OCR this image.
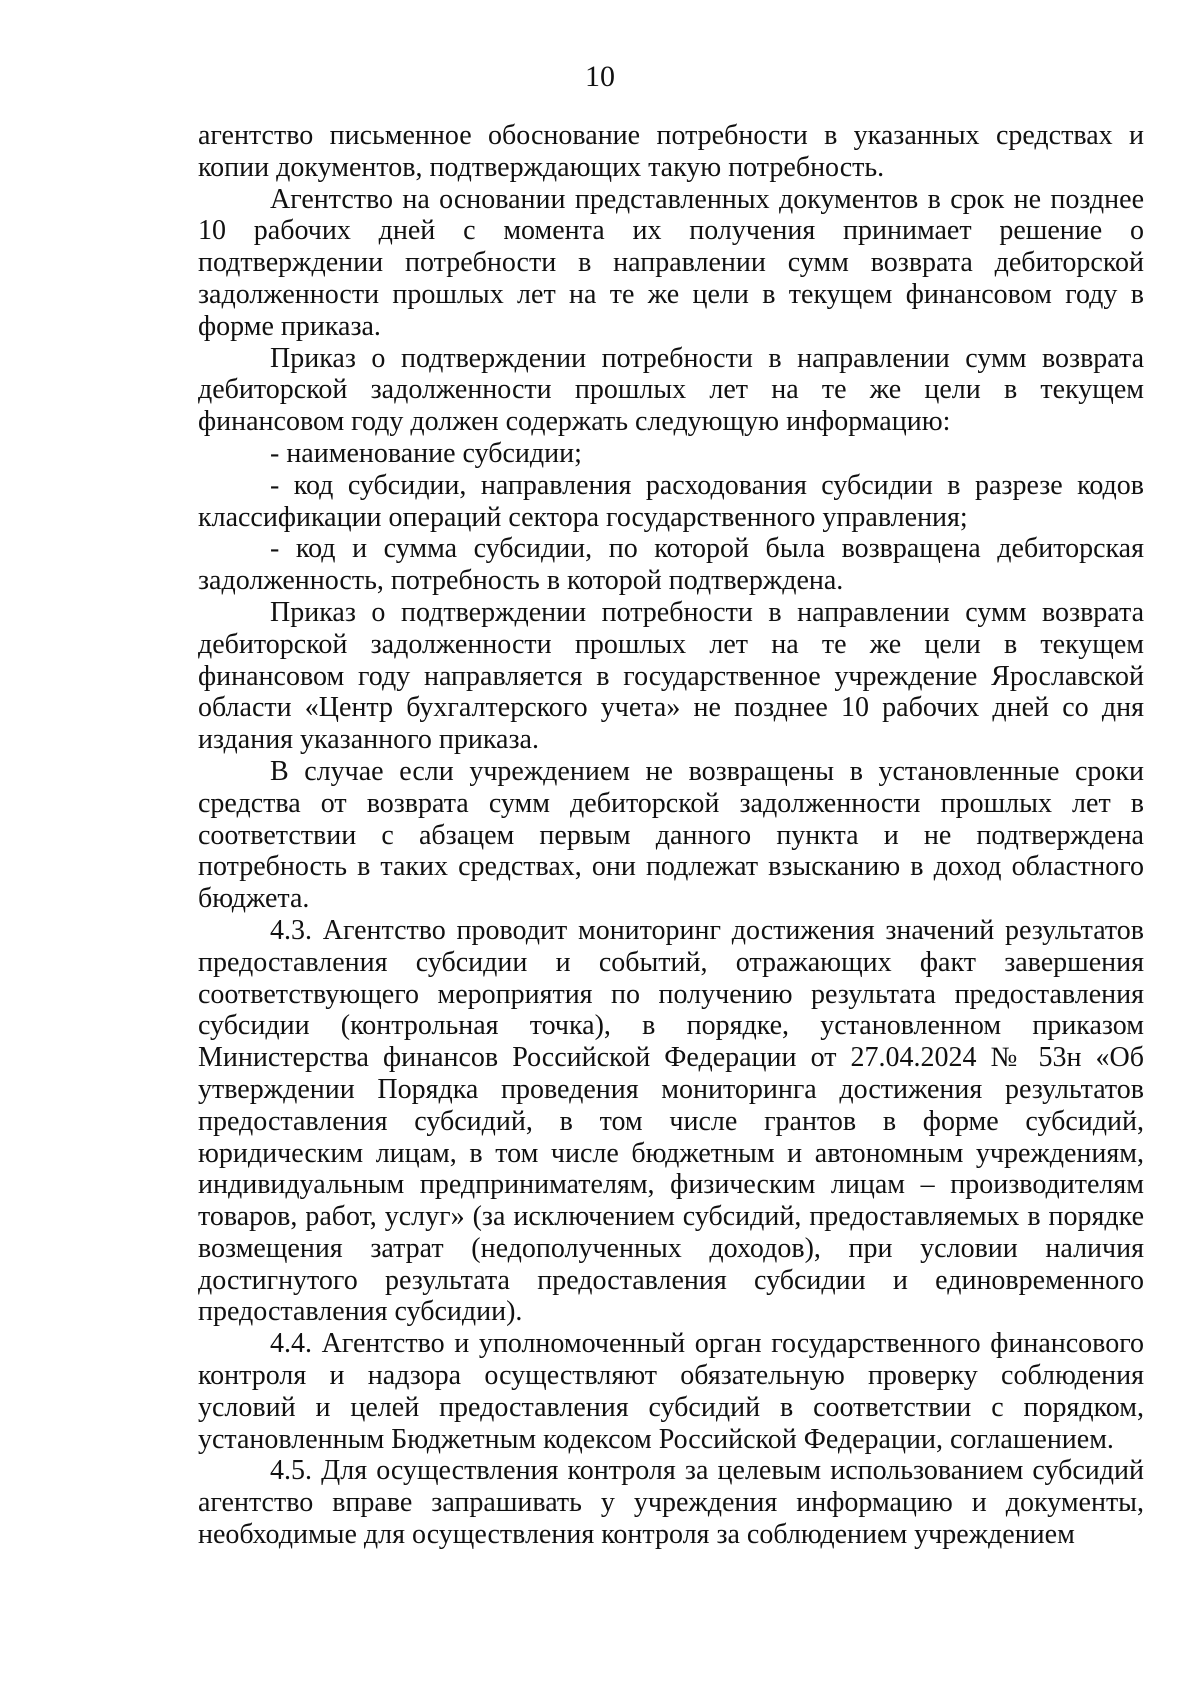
10

агентство письменное обоснование потребности в указанных средствах и копии документов, подтверждающих такую потребность.

Агентство на основании представленных документов в срок не позднее 10 рабочих дней с момента их получения принимает решение о подтверждении потребности в направлении сумм возврата дебиторской задолженности прошлых лет на те же цели в текущем финансовом году в форме приказа.

Приказ о подтверждении потребности в направлении сумм возврата дебиторской задолженности прошлых лет на те же цели в текущем финансовом году должен содержать следующую информацию:

- наименование субсидии;

- код субсидии, направления расходования субсидии в разрезе кодов классификации операций сектора государственного управления;

- код и сумма субсидии, по которой была возвращена дебиторская задолженность, потребность в которой подтверждена.

Приказ о подтверждении потребности в направлении сумм возврата дебиторской задолженности прошлых лет на те же цели в текущем финансовом году направляется в государственное учреждение Ярославской области «Центр бухгалтерского учета» не позднее 10 рабочих дней со дня издания указанного приказа.

В случае если учреждением не возвращены в установленные сроки средства от возврата сумм дебиторской задолженности прошлых лет в соответствии с абзацем первым данного пункта и не подтверждена потребность в таких средствах, они подлежат взысканию в доход областного бюджета.

4.3. Агентство проводит мониторинг достижения значений результатов предоставления субсидии и событий, отражающих факт завершения соответствующего мероприятия по получению результата предоставления субсидии (контрольная точка), в порядке, установленном приказом Министерства финансов Российской Федерации от 27.04.2024 № 53н «Об утверждении Порядка проведения мониторинга достижения результатов предоставления субсидий, в том числе грантов в форме субсидий, юридическим лицам, в том числе бюджетным и автономным учреждениям, индивидуальным предпринимателям, физическим лицам – производителям товаров, работ, услуг» (за исключением субсидий, предоставляемых в порядке возмещения затрат (недополученных доходов), при условии наличия достигнутого результата предоставления субсидии и единовременного предоставления субсидии).

4.4. Агентство и уполномоченный орган государственного финансового контроля и надзора осуществляют обязательную проверку соблюдения условий и целей предоставления субсидий в соответствии с порядком, установленным Бюджетным кодексом Российской Федерации, соглашением.

4.5. Для осуществления контроля за целевым использованием субсидий агентство вправе запрашивать у учреждения информацию и документы, необходимые для осуществления контроля за соблюдением учреждением
